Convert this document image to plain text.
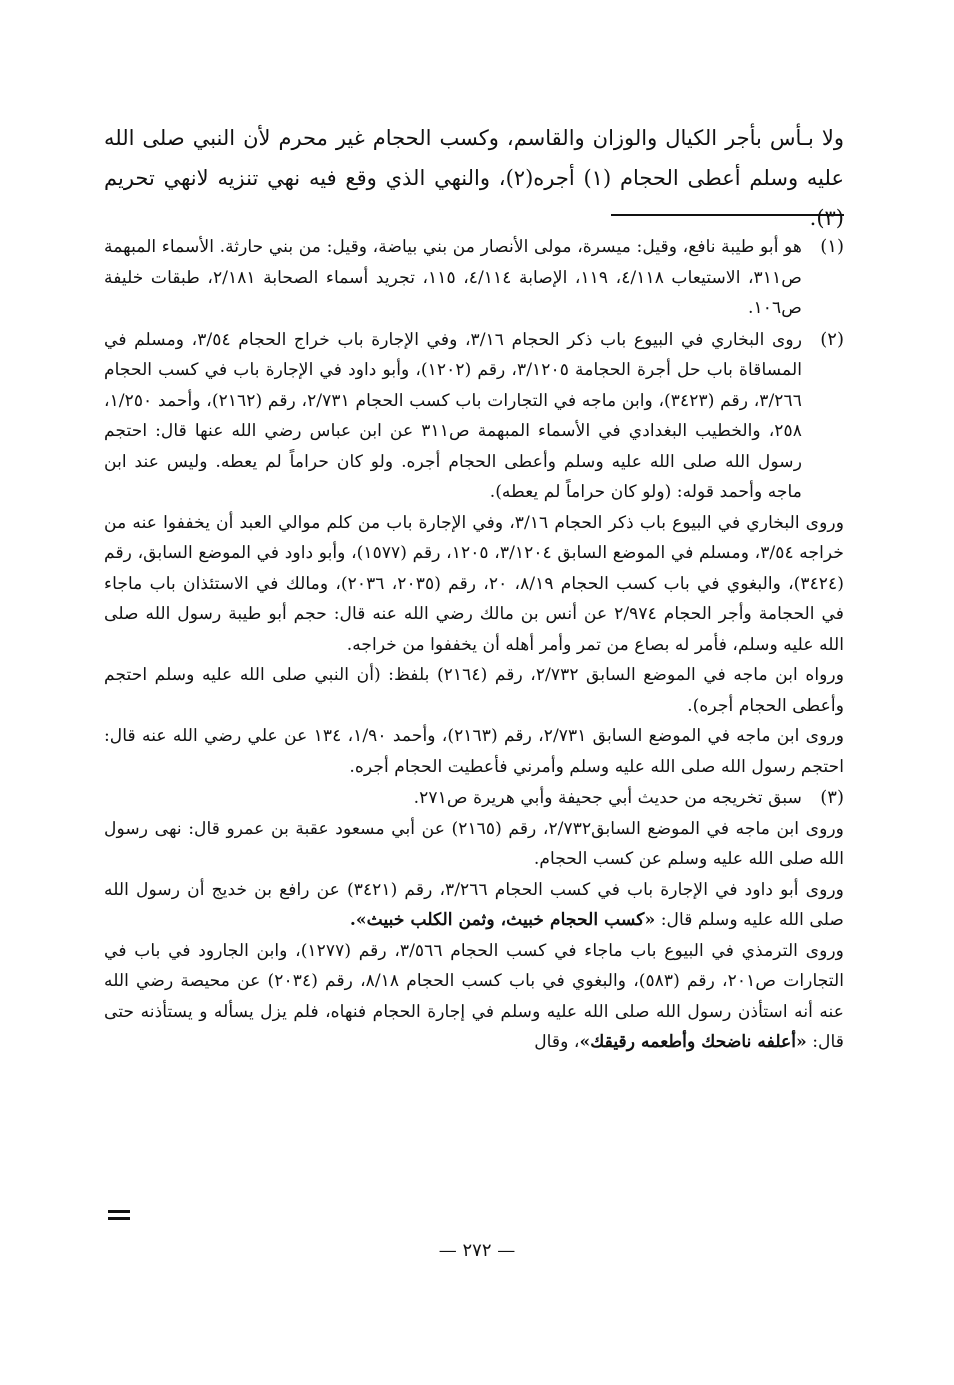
ولا بـأس بأجر الكيال والوزان والقاسم، وكسب الحجام غير محرم لأن النبي صلى الله عليه وسلم أعطى الحجام (١) أجره(٢)، والنهي الذي وقع فيه نهي تنزيه لانهي تحريم (٣).

(١)

هو أبو طيبة نافع، وقيل: ميسرة، مولى الأنصار من بني بياضة، وقيل: من بني حارثة. الأسماء المبهمة ص٣١١، الاستيعاب ٤/١١٨، ١١٩، الإصابة ٤/١١٤، ١١٥، تجريد أسماء الصحابة ٢/١٨١، طبقات خليفة ص١٠٦.

(٢)

روى البخاري في البيوع باب ذكر الحجام ٣/١٦، وفي الإجارة باب خراج الحجام ٣/٥٤، ومسلم في المساقاة باب حل أجرة الحجامة ٣/١٢٠٥، رقم (١٢٠٢)، وأبو داود في الإجارة باب في كسب الحجام ٣/٢٦٦، رقم (٣٤٢٣)، وابن ماجه في التجارات باب كسب الحجام ٢/٧٣١، رقم (٢١٦٢)، وأحمد ١/٢٥٠، ٢٥٨، والخطيب البغدادي في الأسماء المبهمة ص٣١١ عن ابن عباس رضي الله عنها قال: احتجم رسول الله صلى الله عليه وسلم وأعطى الحجام أجره. ولو كان حراماً لم يعطه. وليس عند ابن ماجه وأحمد قوله: (ولو كان حراماً لم يعطه).

وروى البخاري في البيوع باب ذكر الحجام ٣/١٦، وفي الإجارة باب من كلم موالي العبد أن يخففوا عنه من خراجه ٣/٥٤، ومسلم في الموضع السابق ٣/١٢٠٤، ١٢٠٥، رقم (١٥٧٧)، وأبو داود في الموضع السابق، رقم (٣٤٢٤)، والبغوي في باب كسب الحجام ٨/١٩، ٢٠، رقم (٢٠٣٥، ٢٠٣٦)، ومالك في الاستئذان باب ماجاء في الحجامة وأجر الحجام ٢/٩٧٤ عن أنس بن مالك رضي الله عنه قال: حجم أبو طيبة رسول الله صلى الله عليه وسلم، فأمر له بصاع من تمر وأمر أهله أن يخففوا من خراجه.

ورواه ابن ماجه في الموضع السابق ٢/٧٣٢، رقم (٢١٦٤) بلفظ: (أن النبي صلى الله عليه وسلم احتجم وأعطى الحجام أجره).

وروى ابن ماجه في الموضع السابق ٢/٧٣١، رقم (٢١٦٣)، وأحمد ١/٩٠، ١٣٤ عن علي رضي الله عنه قال: احتجم رسول الله صلى الله عليه وسلم وأمرني فأعطيت الحجام أجره.

(٣)

سبق تخريجه من حديث أبي جحيفة وأبي هريرة ص٢٧١.

وروى ابن ماجه في الموضع السابق٢/٧٣٢، رقم (٢١٦٥) عن أبي مسعود عقبة بن عمرو قال: نهى رسول الله صلى الله عليه وسلم عن كسب الحجام.

وروى أبو داود في الإجارة باب في كسب الحجام ٣/٢٦٦، رقم (٣٤٢١) عن رافع بن خديج أن رسول الله صلى الله عليه وسلم قال: «كسب الحجام خبيث، وثمن الكلب خبيث».

وروى الترمذي في البيوع باب ماجاء في كسب الحجام ٣/٥٦٦، رقم (١٢٧٧)، وابن الجارود في باب في التجارات ص٢٠١، رقم (٥٨٣)، والبغوي في باب كسب الحجام ٨/١٨، رقم (٢٠٣٤) عن محيصة رضي الله عنه أنه استأذن رسول الله صلى الله عليه وسلم في إجارة الحجام فنهاه، فلم يزل يسأله و يستأذنه حتى قال: «أعلفه ناضحك وأطعمه رقيقك»، وقال

— ٢٧٢ —
